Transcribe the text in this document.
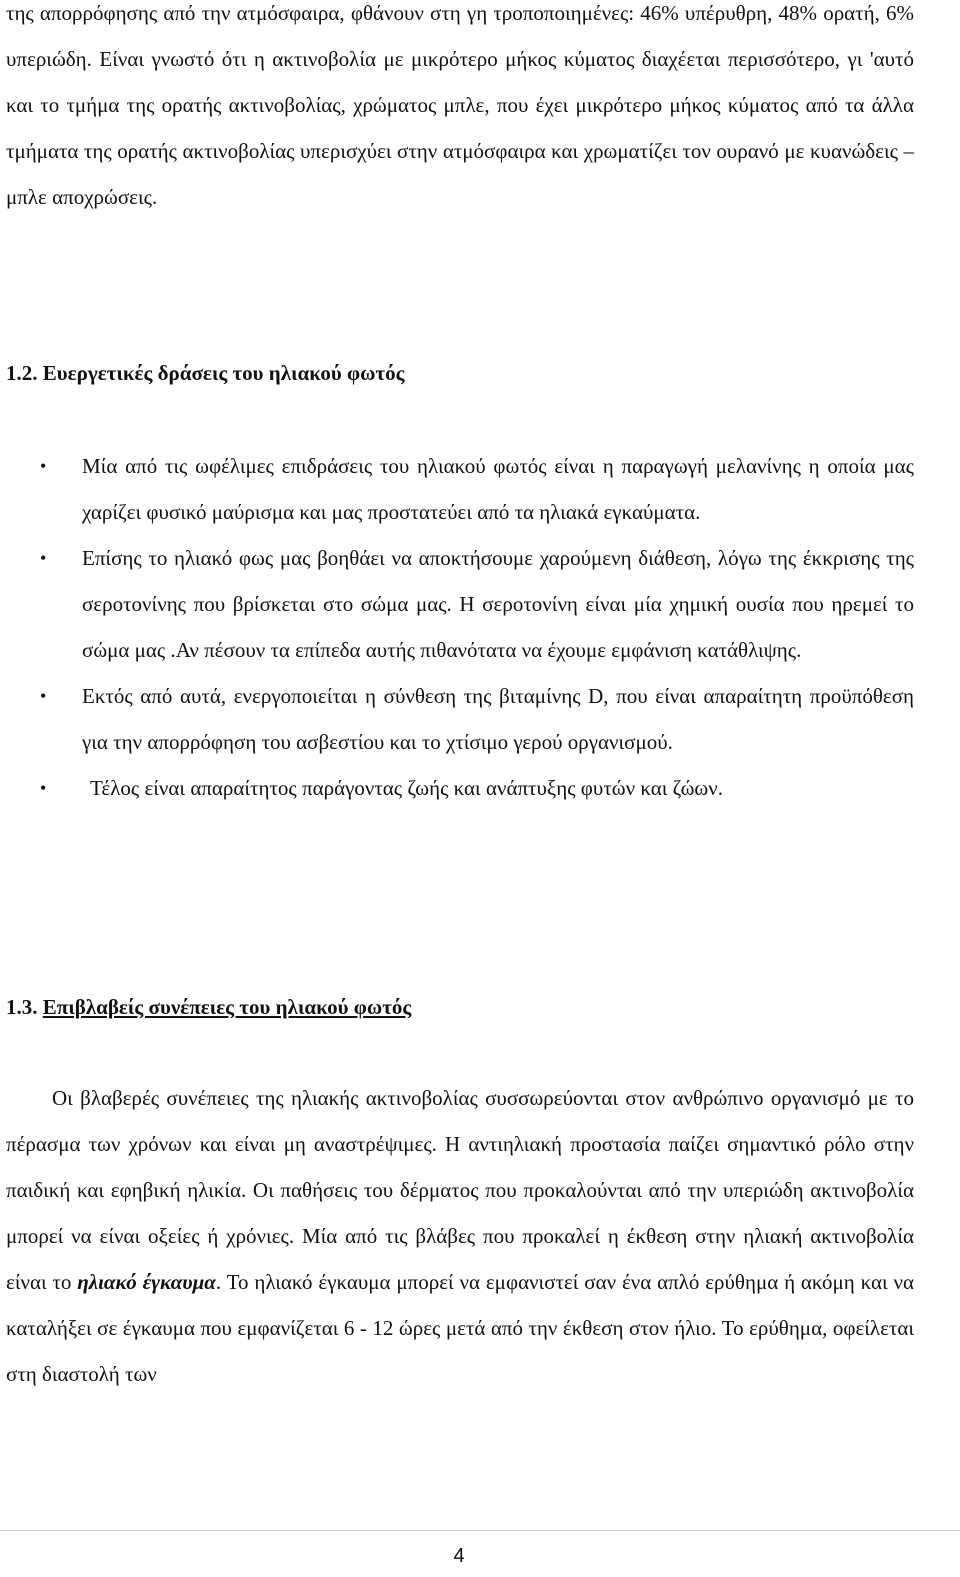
της απορρόφησης από την ατμόσφαιρα, φθάνουν στη γη τροποποιημένες: 46% υπέρυθρη, 48% ορατή, 6% υπεριώδη. Είναι γνωστό ότι η ακτινοβολία με μικρότερο μήκος κύματος διαχέεται περισσότερο, γι 'αυτό και το τμήμα της ορατής ακτινοβολίας, χρώματος μπλε, που έχει μικρότερο μήκος κύματος από τα άλλα τμήματα της ορατής ακτινοβολίας υπερισχύει στην ατμόσφαιρα και χρωματίζει τον ουρανό με κυανώδεις – μπλε αποχρώσεις.

1.2. Ευεργετικές δράσεις του ηλιακού φωτός
• Μία από τις ωφέλιμες επιδράσεις του ηλιακού φωτός είναι η παραγωγή μελανίνης η οποία μας χαρίζει φυσικό μαύρισμα και μας προστατεύει από τα ηλιακά εγκαύματα.
• Επίσης το ηλιακό φως μας βοηθάει να αποκτήσουμε χαρούμενη διάθεση, λόγω της έκκρισης της σεροτονίνης που βρίσκεται στο σώμα μας. Η σεροτονίνη είναι μία χημική ουσία που ηρεμεί το σώμα μας .Αν πέσουν τα επίπεδα αυτής πιθανότατα να έχουμε εμφάνιση κατάθλιψης.
• Εκτός από αυτά, ενεργοποιείται η σύνθεση της βιταμίνης D, που είναι απαραίτητη προϋπόθεση για την απορρόφηση του ασβεστίου και το χτίσιμο γερού οργανισμού.
• Τέλος είναι απαραίτητος παράγοντας ζωής και ανάπτυξης φυτών και ζώων.
1.3. Επιβλαβείς συνέπειες του ηλιακού φωτός

Οι βλαβερές συνέπειες της ηλιακής ακτινοβολίας συσσωρεύονται στον ανθρώπινο οργανισμό με το πέρασμα των χρόνων και είναι μη αναστρέψιμες. Η αντιηλιακή προστασία παίζει σημαντικό ρόλο στην παιδική και εφηβική ηλικία. Οι παθήσεις του δέρματος που προκαλούνται από την υπεριώδη ακτινοβολία μπορεί να είναι οξείες ή χρόνιες. Μία από τις βλάβες που προκαλεί η έκθεση στην ηλιακή ακτινοβολία είναι το ηλιακό έγκαυμα. Το ηλιακό έγκαυμα μπορεί να εμφανιστεί σαν ένα απλό ερύθημα ή ακόμη και να καταλήξει σε έγκαυμα που εμφανίζεται 6 - 12 ώρες μετά από την έκθεση στον ήλιο. Το ερύθημα, οφείλεται στη διαστολή των

4
